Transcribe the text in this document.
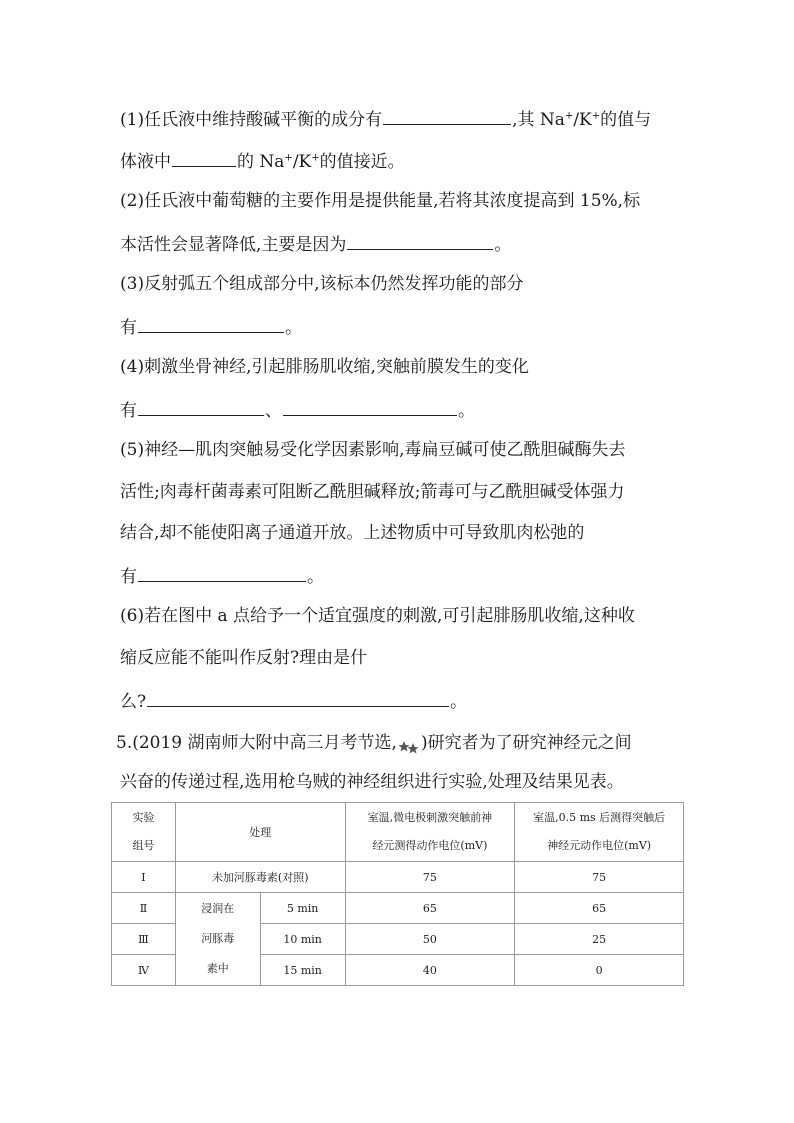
(1)任氏液中维持酸碱平衡的成分有	,其 Na+/K+的值与
体液中	的 Na+/K+的值接近。
(2)任氏液中葡萄糖的主要作用是提供能量,若将其浓度提高到 15%,标
本活性会显著降低,主要是因为	。
(3)反射弧五个组成部分中,该标本仍然发挥功能的部分
有	。
(4)刺激坐骨神经,引起腓肠肌收缩,突触前膜发生的变化
有	、	。
(5)神经—肌肉突触易受化学因素影响,毒扁豆碱可使乙酰胆碱酶失去
活性;肉毒杆菌毒素可阻断乙酰胆碱释放;箭毒可与乙酰胆碱受体强力
结合,却不能使阳离子通道开放。上述物质中可导致肌肉松弛的
有	。
(6)若在图中 a 点给予一个适宜强度的刺激,可引起腓肠肌收缩,这种收
缩反应能不能叫作反射?理由是什
么?	。
5.(2019 湖南师大附中高三月考节选, )研究者为了研究神经元之间
兴奋的传递过程,选用枪乌贼的神经组织进行实验,处理及结果见表。
实验
组号	处理		室温,微电极刺激突触前神
经元测得动作电位(mV)	室温,0.5 ms 后测得突触后
神经元动作电位(mV)

Ⅰ	未加河豚毒素(对照)		75	75
Ⅱ	浸润在
河豚毒
素中	5 min	65	65
Ⅲ		10 min	50	25
Ⅳ		15 min	40	0
